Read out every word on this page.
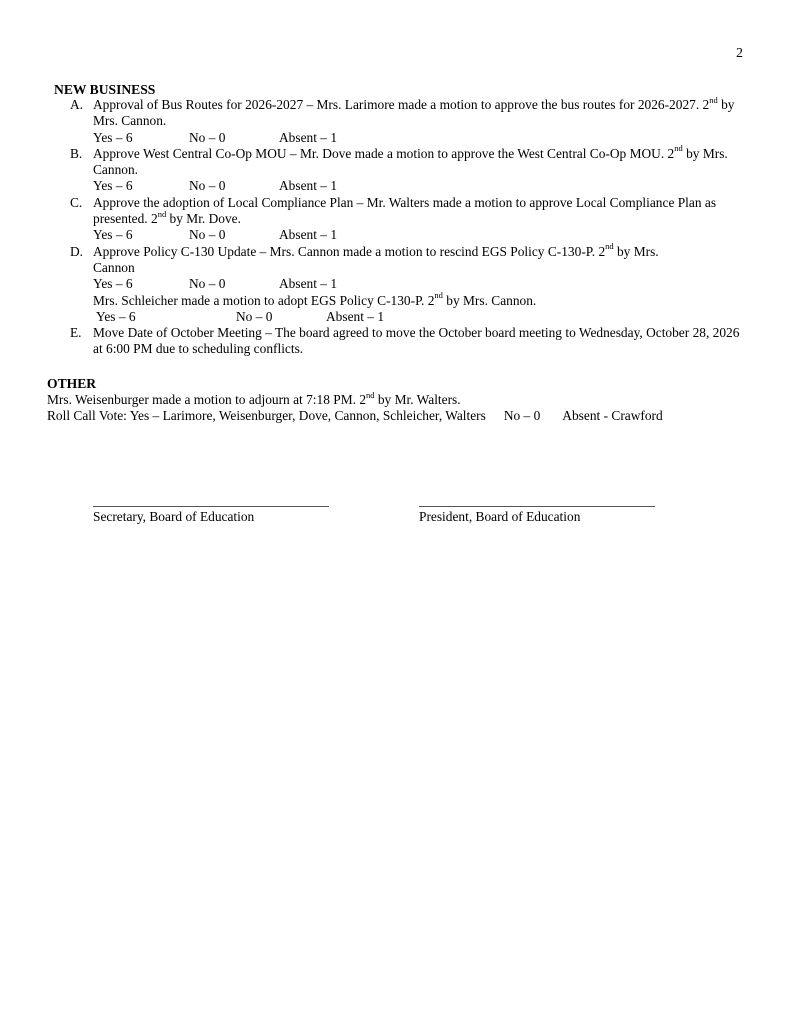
2
NEW BUSINESS
A. Approval of Bus Routes for 2026-2027 – Mrs. Larimore made a motion to approve the bus routes for 2026-2027. 2nd by Mrs. Cannon.
Yes – 6	No – 0	Absent – 1
B. Approve West Central Co-Op MOU – Mr. Dove made a motion to approve the West Central Co-Op MOU. 2nd by Mrs. Cannon.
Yes – 6	No – 0	Absent – 1
C. Approve the adoption of Local Compliance Plan – Mr. Walters made a motion to approve Local Compliance Plan as presented. 2nd by Mr. Dove.
Yes – 6	No – 0	Absent – 1
D. Approve Policy C-130 Update – Mrs. Cannon made a motion to rescind EGS Policy C-130-P. 2nd by Mrs. Cannon
Yes – 6	No – 0	Absent – 1
Mrs. Schleicher made a motion to adopt EGS Policy C-130-P. 2nd by Mrs. Cannon.
Yes – 6	No – 0	Absent – 1
E. Move Date of October Meeting – The board agreed to move the October board meeting to Wednesday, October 28, 2026 at 6:00 PM due to scheduling conflicts.
OTHER
Mrs. Weisenburger made a motion to adjourn at 7:18 PM. 2nd by Mr. Walters.
Roll Call Vote: Yes – Larimore, Weisenburger, Dove, Cannon, Schleicher, Walters No – 0 Absent - Crawford
Secretary, Board of Education	President, Board of Education
